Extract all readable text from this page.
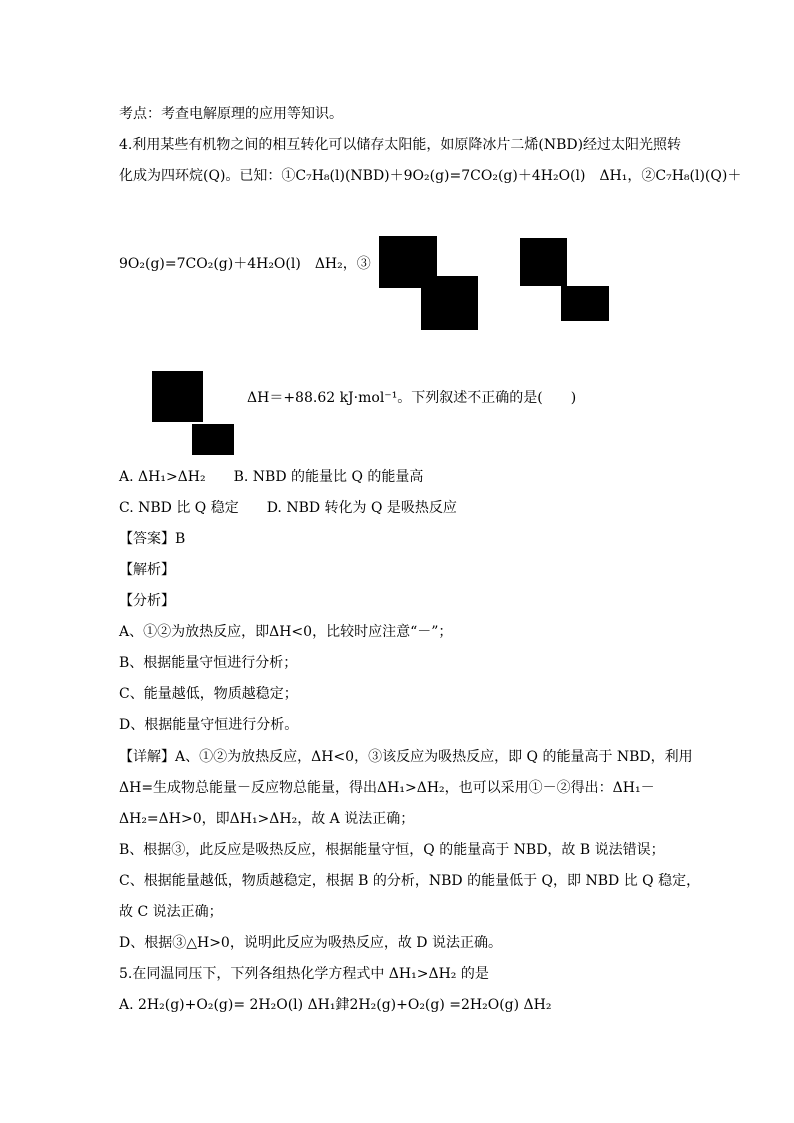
考点：考查电解原理的应用等知识。
4.利用某些有机物之间的相互转化可以储存太阳能，如原降冰片二烯(NBD)经过太阳光照转
化成为四环烷(Q)。已知：①C₇H₈(l)(NBD)＋9O₂(g)=7CO₂(g)＋4H₂O(l)　ΔH₁，②C₇H₈(l)(Q)＋
9O₂(g)=7CO₂(g)＋4H₂O(l)　ΔH₂，③
ΔH＝+88.62 kJ·mol⁻¹。下列叙述不正确的是(　　)
A. ΔH₁>ΔH₂　　B. NBD 的能量比 Q 的能量高
C. NBD 比 Q 稳定　　D. NBD 转化为 Q 是吸热反应
【答案】B
【解析】
【分析】
A、①②为放热反应，即ΔH<0，比较时应注意“－”；
B、根据能量守恒进行分析；
C、能量越低，物质越稳定；
D、根据能量守恒进行分析。
【详解】A、①②为放热反应，ΔH<0，③该反应为吸热反应，即 Q 的能量高于 NBD，利用
ΔH=生成物总能量－反应物总能量，得出ΔH₁>ΔH₂，也可以采用①－②得出：ΔH₁－
ΔH₂=ΔH>0，即ΔH₁>ΔH₂，故 A 说法正确；
B、根据③，此反应是吸热反应，根据能量守恒，Q 的能量高于 NBD，故 B 说法错误；
C、根据能量越低，物质越稳定，根据 B 的分析，NBD 的能量低于 Q，即 NBD 比 Q 稳定，
故 C 说法正确；
D、根据③△H>0，说明此反应为吸热反应，故 D 说法正确。
5.在同温同压下，下列各组热化学方程式中 ΔH₁>ΔH₂ 的是
A. 2H₂(g)+O₂(g)= 2H₂O(l) ΔH₁銉2H₂(g)+O₂(g) =2H₂O(g) ΔH₂
